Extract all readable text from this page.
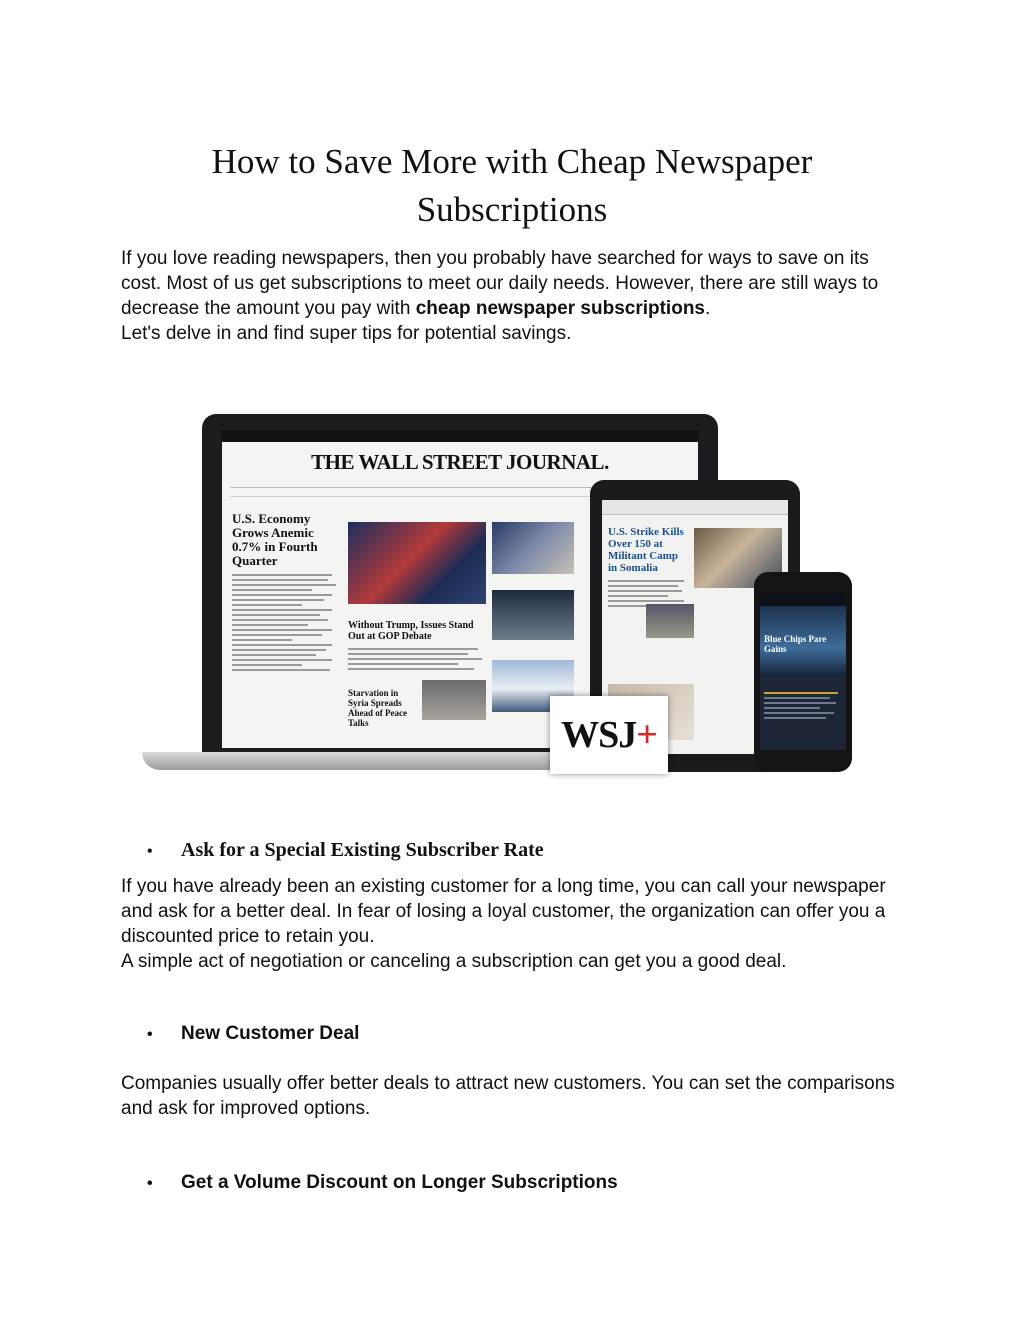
How to Save More with Cheap Newspaper Subscriptions

If you love reading newspapers, then you probably have searched for ways to save on its cost. Most of us get subscriptions to meet our daily needs. However, there are still ways to decrease the amount you pay with cheap newspaper subscriptions.
Let's delve in and find super tips for potential savings.

THE WALL STREET JOURNAL.
U.S. Economy Grows Anemic 0.7% in Fourth Quarter
Without Trump, Issues Stand Out at GOP Debate
Starvation in Syria Spreads Ahead of Peace Talks
U.S. Strike Kills Over 150 at Militant Camp in Somalia
Blue Chips Pare Gains
WSJ+

• Ask for a Special Existing Subscriber Rate

If you have already been an existing customer for a long time, you can call your newspaper and ask for a better deal. In fear of losing a loyal customer, the organization can offer you a discounted price to retain you.
A simple act of negotiation or canceling a subscription can get you a good deal.

• New Customer Deal

Companies usually offer better deals to attract new customers. You can set the comparisons and ask for improved options.

• Get a Volume Discount on Longer Subscriptions
